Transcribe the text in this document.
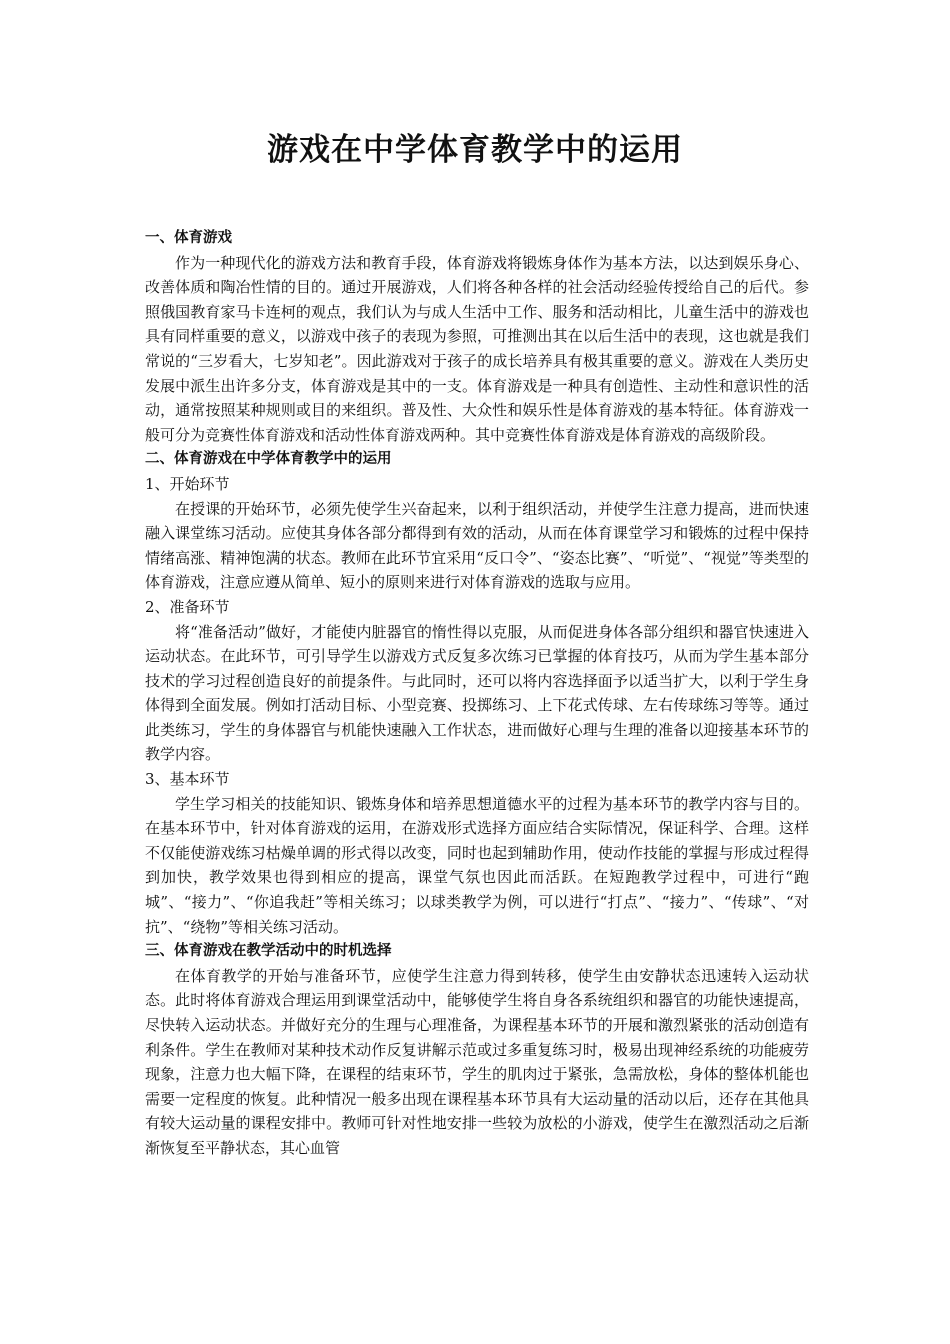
游戏在中学体育教学中的运用

一、体育游戏

作为一种现代化的游戏方法和教育手段，体育游戏将锻炼身体作为基本方法，以达到娱乐身心、改善体质和陶冶性情的目的。通过开展游戏，人们将各种各样的社会活动经验传授给自己的后代。参照俄国教育家马卡连柯的观点，我们认为与成人生活中工作、服务和活动相比，儿童生活中的游戏也具有同样重要的意义，以游戏中孩子的表现为参照，可推测出其在以后生活中的表现，这也就是我们常说的“三岁看大，七岁知老”。因此游戏对于孩子的成长培养具有极其重要的意义。游戏在人类历史发展中派生出许多分支，体育游戏是其中的一支。体育游戏是一种具有创造性、主动性和意识性的活动，通常按照某种规则或目的来组织。普及性、大众性和娱乐性是体育游戏的基本特征。体育游戏一般可分为竞赛性体育游戏和活动性体育游戏两种。其中竞赛性体育游戏是体育游戏的高级阶段。

二、体育游戏在中学体育教学中的运用

1、开始环节

在授课的开始环节，必须先使学生兴奋起来，以利于组织活动，并使学生注意力提高，进而快速融入课堂练习活动。应使其身体各部分都得到有效的活动，从而在体育课堂学习和锻炼的过程中保持情绪高涨、精神饱满的状态。教师在此环节宜采用“反口令”、“姿态比赛”、“听觉”、“视觉”等类型的体育游戏，注意应遵从简单、短小的原则来进行对体育游戏的选取与应用。

2、准备环节

将“准备活动”做好，才能使内脏器官的惰性得以克服，从而促进身体各部分组织和器官快速进入运动状态。在此环节，可引导学生以游戏方式反复多次练习已掌握的体育技巧，从而为学生基本部分技术的学习过程创造良好的前提条件。与此同时，还可以将内容选择面予以适当扩大，以利于学生身体得到全面发展。例如打活动目标、小型竞赛、投掷练习、上下花式传球、左右传球练习等等。通过此类练习，学生的身体器官与机能快速融入工作状态，进而做好心理与生理的准备以迎接基本环节的教学内容。

3、基本环节

学生学习相关的技能知识、锻炼身体和培养思想道德水平的过程为基本环节的教学内容与目的。在基本环节中，针对体育游戏的运用，在游戏形式选择方面应结合实际情况，保证科学、合理。这样不仅能使游戏练习枯燥单调的形式得以改变，同时也起到辅助作用，使动作技能的掌握与形成过程得到加快，教学效果也得到相应的提高，课堂气氛也因此而活跃。在短跑教学过程中，可进行“跑城”、“接力”、“你追我赶”等相关练习；以球类教学为例，可以进行“打点”、“接力”、“传球”、“对抗”、“绕物”等相关练习活动。

三、体育游戏在教学活动中的时机选择

在体育教学的开始与准备环节，应使学生注意力得到转移，使学生由安静状态迅速转入运动状态。此时将体育游戏合理运用到课堂活动中，能够使学生将自身各系统组织和器官的功能快速提高，尽快转入运动状态。并做好充分的生理与心理准备，为课程基本环节的开展和激烈紧张的活动创造有利条件。学生在教师对某种技术动作反复讲解示范或过多重复练习时，极易出现神经系统的功能疲劳现象，注意力也大幅下降，在课程的结束环节，学生的肌肉过于紧张，急需放松，身体的整体机能也需要一定程度的恢复。此种情况一般多出现在课程基本环节具有大运动量的活动以后，还存在其他具有较大运动量的课程安排中。教师可针对性地安排一些较为放松的小游戏，使学生在激烈活动之后渐渐恢复至平静状态，其心血管
